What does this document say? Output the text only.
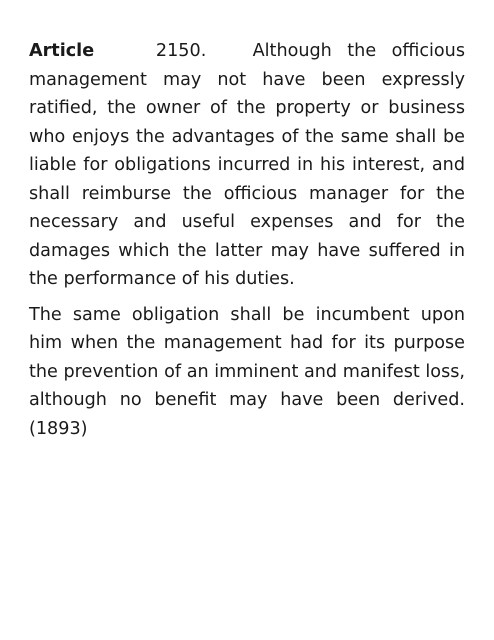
Article	2150.	Although the officious management may not have been expressly ratified, the owner of the property or business who enjoys the advantages of the same shall be liable for obligations incurred in his interest, and shall reimburse the officious manager for the necessary and useful expenses and for the damages which the latter may have suffered in the performance of his duties.

The same obligation shall be incumbent upon him when the management had for its purpose the prevention of an imminent and manifest loss, although no benefit may have been derived. (1893)
